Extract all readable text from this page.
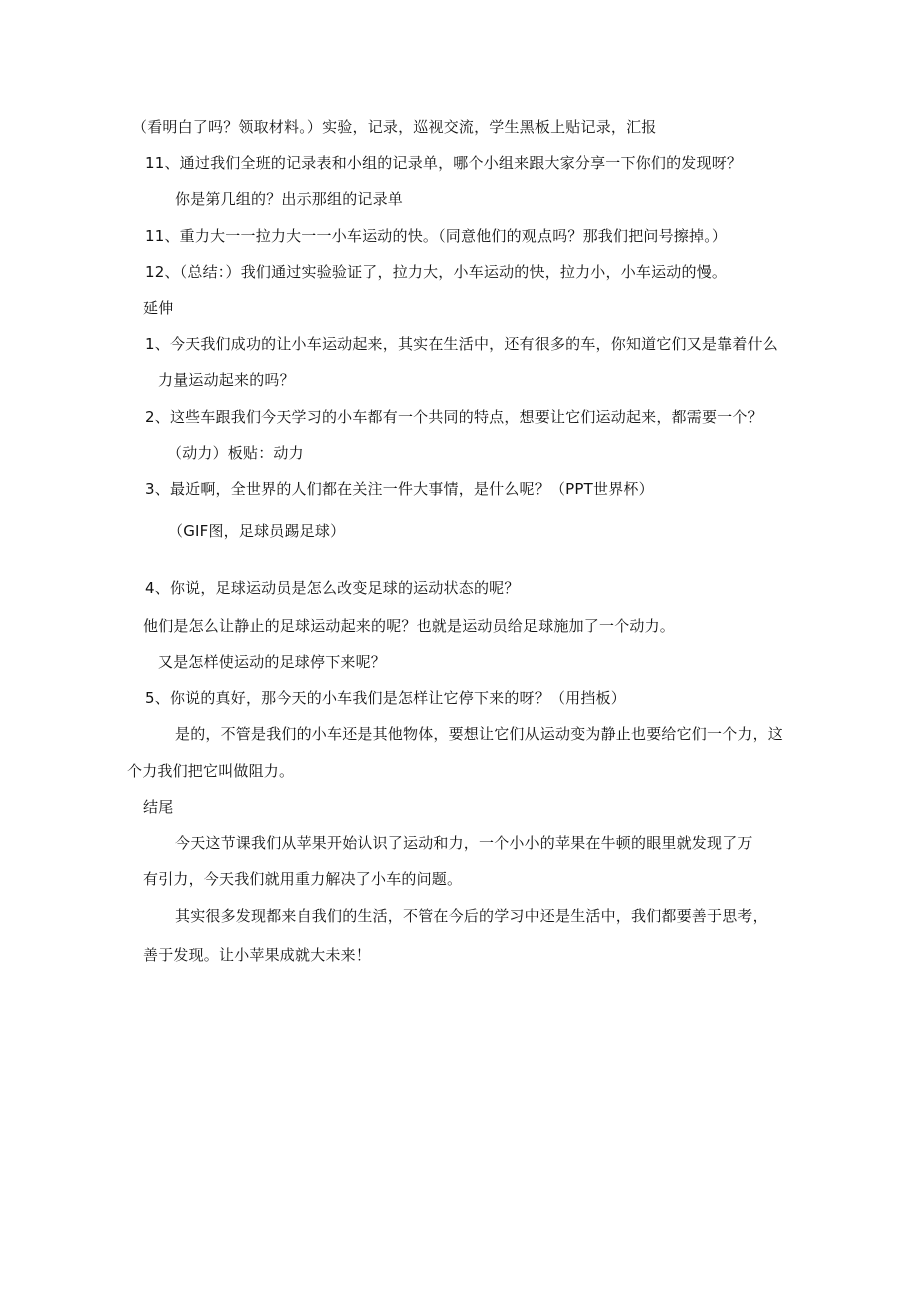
（看明白了吗？领取材料。）实验，记录，巡视交流，学生黑板上贴记录，汇报
11、通过我们全班的记录表和小组的记录单，哪个小组来跟大家分享一下你们的发现呀？
你是第几组的？出示那组的记录单
11、重力大一一拉力大一一小车运动的快。（同意他们的观点吗？那我们把问号擦掉。）
12、（总结：）我们通过实验验证了，拉力大，小车运动的快，拉力小，小车运动的慢。
延伸
1、今天我们成功的让小车运动起来，其实在生活中，还有很多的车，你知道它们又是靠着什么
力量运动起来的吗？
2、这些车跟我们今天学习的小车都有一个共同的特点，想要让它们运动起来，都需要一个？
（动力）板贴：动力
3、最近啊，全世界的人们都在关注一件大事情，是什么呢？（PPT世界杯）
（GIF图，足球员踢足球）
4、你说，足球运动员是怎么改变足球的运动状态的呢？
他们是怎么让静止的足球运动起来的呢？也就是运动员给足球施加了一个动力。
又是怎样使运动的足球停下来呢？
5、你说的真好，那今天的小车我们是怎样让它停下来的呀？（用挡板）
是的，不管是我们的小车还是其他物体，要想让它们从运动变为静止也要给它们一个力，这
个力我们把它叫做阻力。
结尾
今天这节课我们从苹果开始认识了运动和力，一个小小的苹果在牛顿的眼里就发现了万
有引力，今天我们就用重力解决了小车的问题。
其实很多发现都来自我们的生活，不管在今后的学习中还是生活中，我们都要善于思考，
善于发现。让小苹果成就大未来！
